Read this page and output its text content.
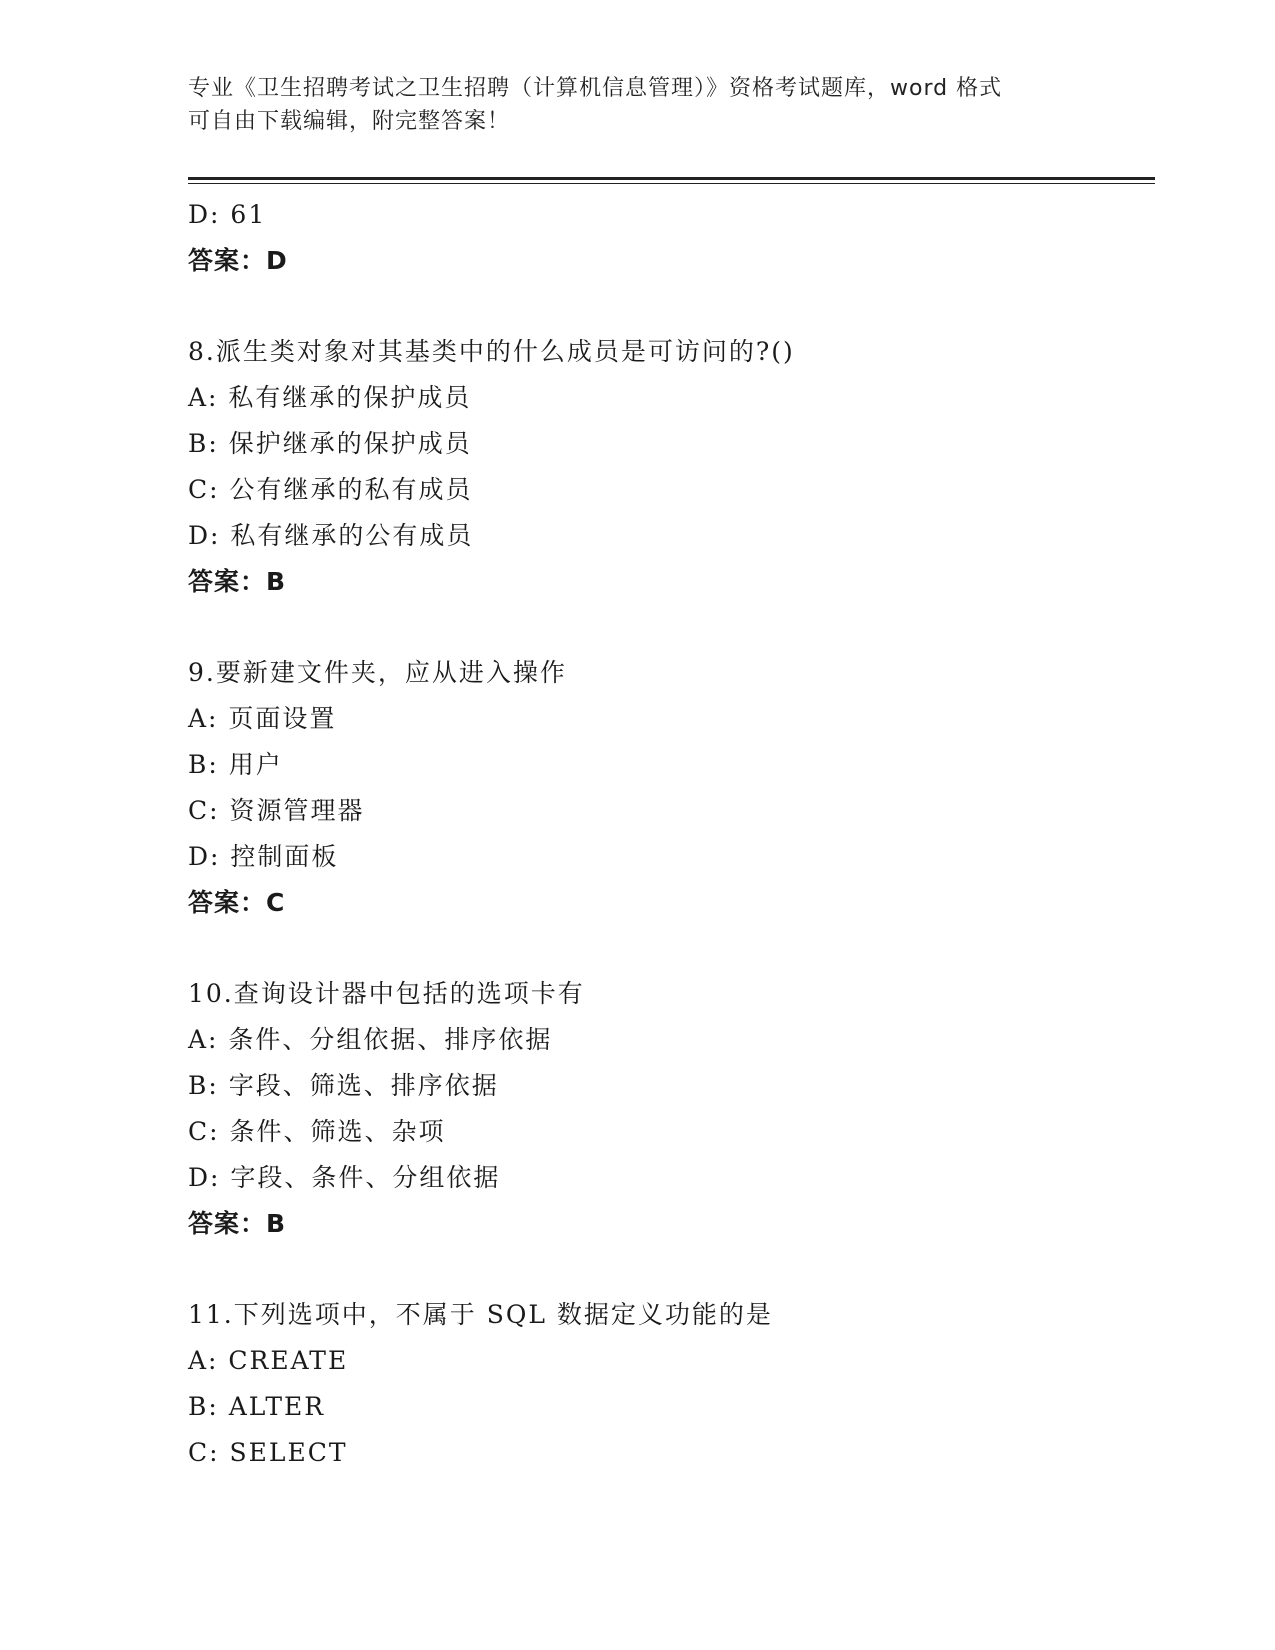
专业《卫生招聘考试之卫生招聘（计算机信息管理）》资格考试题库，word 格式
可自由下载编辑，附完整答案！
D: 61
答案：D
8.派生类对象对其基类中的什么成员是可访问的?()
A: 私有继承的保护成员
B: 保护继承的保护成员
C: 公有继承的私有成员
D: 私有继承的公有成员
答案：B
9.要新建文件夹，应从进入操作
A: 页面设置
B: 用户
C: 资源管理器
D: 控制面板
答案：C
10.查询设计器中包括的选项卡有
A: 条件、分组依据、排序依据
B: 字段、筛选、排序依据
C: 条件、筛选、杂项
D: 字段、条件、分组依据
答案：B
11.下列选项中，不属于 SQL 数据定义功能的是
A: CREATE
B: ALTER
C: SELECT
